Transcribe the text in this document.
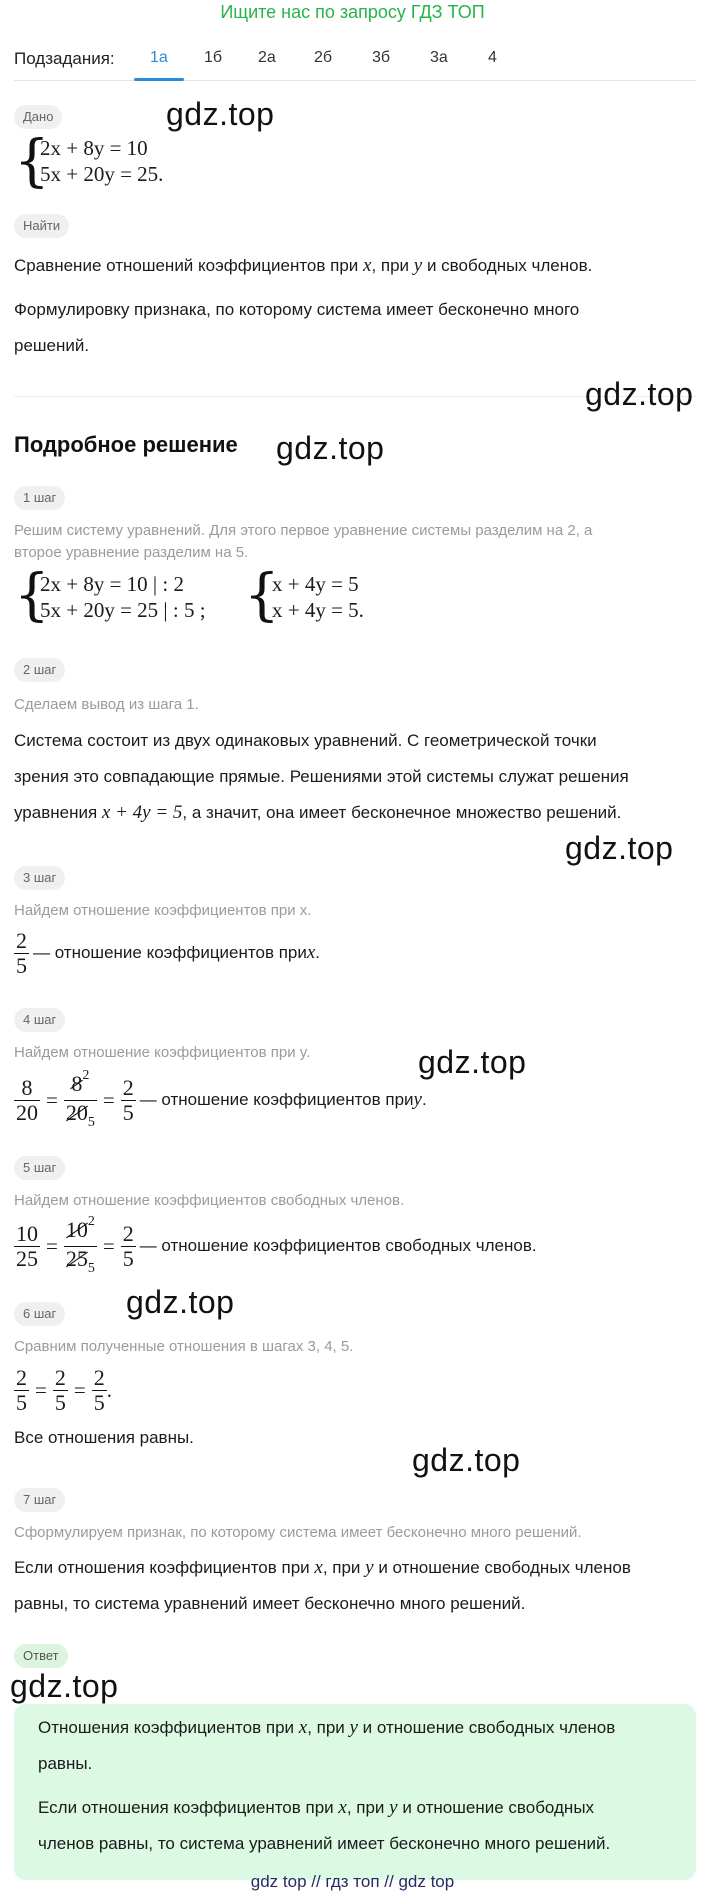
Ищите нас по запросу ГДЗ ТОП
Подзадания: 1а 1б 2а 2б 3б 3а	4
Дано	gdz.top
{
2x + 8y = 10
5x + 20y = 25.
Найти
Сравнение отношений коэффициентов при x, при y и свободных членов.
Формулировку признака, по которому система имеет бесконечно много
решений.
gdz.top
Подробное решение gdz.top
1 шаг
Решим систему уравнений. Для этого первое уравнение системы разделим на 2, а
второе уравнение разделим на 5.
{
2x + 8y = 10 | : 2
5x + 20y = 25 | : 5 ; {
x + 4y = 5
x + 4y = 5.
2 шаг
Сделаем вывод из шага 1.
Система состоит из двух одинаковых уравнений. С геометрической точки
зрения это совпадающие прямые. Решениями этой системы служат решения
уравнения x + 4y = 5, а значит, она имеет бесконечное множество решений.
gdz.top
3 шаг
Найдем отношение коэффициентов при x.
$\frac{2}{5}$ — отношение коэффициентов при x .
4 шаг
Найдем отношение коэффициентов при y.	gdz.top
$\frac{8}{20} = \frac{8^2}{20_5} = \frac{2}{5}$ — отношение коэффициентов при y .
5 шаг
Найдем отношение коэффициентов свободных членов.
$\frac{10}{25} = \frac{10^2}{25_5} = \frac{2}{5}$ — отношение коэффициентов свободных членов.
6 шаг gdz.top
Сравним полученные отношения в шагах 3, 4, 5.
$\frac{2}{5} = \frac{2}{5} = \frac{2}{5}$ .
Все отношения равны.
gdz.top
7 шаг
Сформулируем признак, по которому система имеет бесконечно много решений.
Если отношения коэффициентов при x, при y и отношение свободных членов
равны, то система уравнений имеет бесконечно много решений.
Ответ
gdz.top
Отношения коэффициентов при x, при y и отношение свободных членов
равны.
Если отношения коэффициентов при x, при y и отношение свободных
членов равны, то система уравнений имеет бесконечно много решений.
gdz top // гдз топ // gdz top
